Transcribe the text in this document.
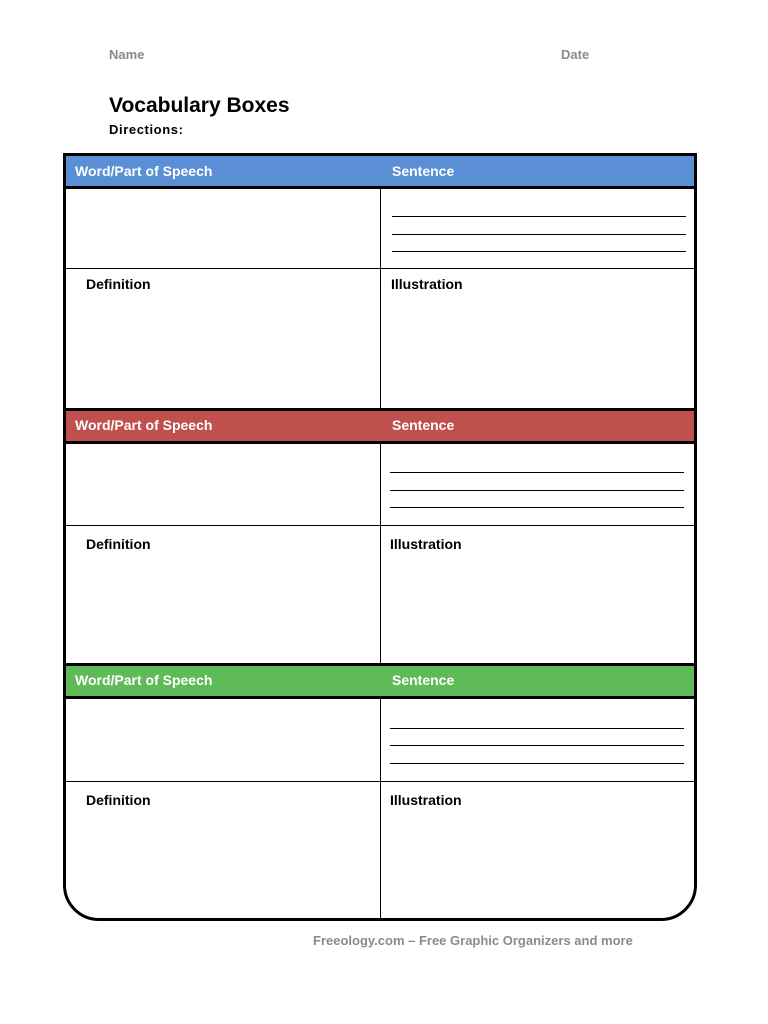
Name	Date
Vocabulary Boxes
Directions:
Word/Part of Speech	Sentence
Definition	Illustration
Word/Part of Speech	Sentence
Definition	Illustration
Word/Part of Speech	Sentence
Definition	Illustration
Freeology.com – Free Graphic Organizers and more
